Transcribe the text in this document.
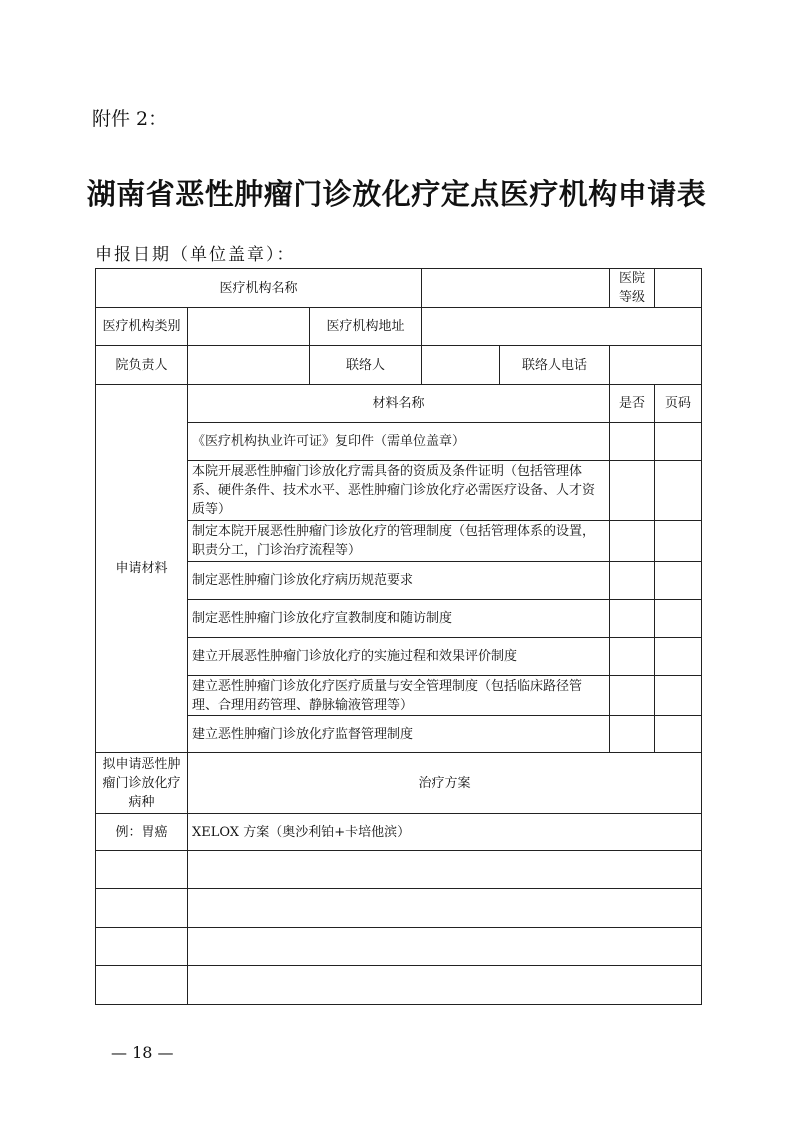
附件 2：
湖南省恶性肿瘤门诊放化疗定点医疗机构申请表
申报日期（单位盖章）：
医疗机构名称					医院等级	
医疗机构类别		医疗机构地址				
院负责人		联络人		联络人电话		
申请材料	材料名称				是否	页码
	《医疗机构执业许可证》复印件（需单位盖章）					
	本院开展恶性肿瘤门诊放化疗需具备的资质及条件证明（包括管理体系、硬件条件、技术水平、恶性肿瘤门诊放化疗必需医疗设备、人才资质等）					
	制定本院开展恶性肿瘤门诊放化疗的管理制度（包括管理体系的设置，职责分工，门诊治疗流程等）					
	制定恶性肿瘤门诊放化疗病历规范要求					
	制定恶性肿瘤门诊放化疗宣教制度和随访制度					
	建立开展恶性肿瘤门诊放化疗的实施过程和效果评价制度					
	建立恶性肿瘤门诊放化疗医疗质量与安全管理制度（包括临床路径管理、合理用药管理、静脉输液管理等）					
	建立恶性肿瘤门诊放化疗监督管理制度					
拟申请恶性肿瘤门诊放化疗病种	治疗方案					
例：胃癌	XELOX 方案（奥沙利铂+卡培他滨）					

— 18 —
